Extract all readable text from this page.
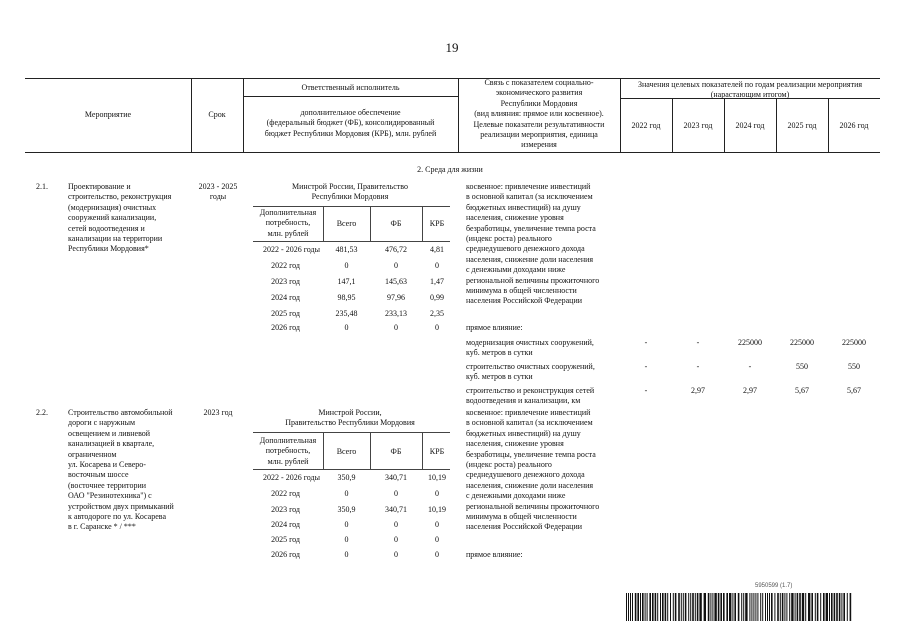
19
Мероприятие	Срок
Ответственный исполнитель
дополнительное обеспечение
(федеральный бюджет (ФБ), консолидированный
бюджет Республики Мордовия (КРБ), млн. рублей
Связь с показателем социально-
экономического развития
Республики Мордовия
(вид влияния: прямое или косвенное).
Целевые показатели результативности
реализации мероприятия, единица
измерения
Значения целевых показателей по годам реализации мероприятия
(нарастающим итогом)
2022 год	2023 год	2024 год	2025 год	2026 год
2. Среда для жизни
2.1.	Проектирование и
строительство, реконструкция
(модернизация) очистных
сооружений канализации,
сетей водоотведения и
канализации на территории
Республики Мордовия*
2023 - 2025
годы
Минстрой России, Правительство
Республики Мордовия
Дополнительная
потребность,
млн. рублей
Всего	ФБ	КРБ
2022 - 2026 годы	481,53	476,72	4,81
2022 год	0	0	0
2023 год	147,1	145,63	1,47
2024 год	98,95	97,96	0,99
2025 год	235,48	233,13	2,35
2026 год	0	0	0
косвенное: привлечение инвестиций
в основной капитал (за исключением
бюджетных инвестиций) на душу
населения, снижение уровня
безработицы, увеличение темпа роста
(индекс роста) реального
среднедушевого денежного дохода
населения, снижение доли населения
с денежными доходами ниже
региональной величины прожиточного
минимума в общей численности
населения Российской Федерации
прямое влияние:
модернизация очистных сооружений,
куб. метров в сутки
-	-	225000	225000	225000
строительство очистных сооружений,
куб. метров в сутки
-	-	-	550	550
строительство и реконструкция сетей
водоотведения и канализации, км
-	2,97	2,97	5,67	5,67
2.2.	Строительство автомобильной
дороги с наружным
освещением и ливневой
канализацией в квартале,
ограниченном
ул. Косарева и Северо-
восточным шоссе
(восточнее территории
ОАО "Резинотехника") с
устройством двух примыканий
к автодороге по ул. Косарева
в г. Саранске * / ***
2023 год	Минстрой России,
Правительство Республики Мордовия
Дополнительная
потребность,
млн. рублей
Всего	ФБ	КРБ
2022 - 2026 годы	350,9	340,71	10,19
2022 год	0	0	0
2023 год	350,9	340,71	10,19
2024 год	0	0	0
2025 год	0	0	0
2026 год	0	0	0
косвенное: привлечение инвестиций
в основной капитал (за исключением
бюджетных инвестиций) на душу
населения, снижение уровня
безработицы, увеличение темпа роста
(индекс роста) реального
среднедушевого денежного дохода
населения, снижение доли населения
с денежными доходами ниже
региональной величины прожиточного
минимума в общей численности
населения Российской Федерации
прямое влияние:
5950599 (1.7)
